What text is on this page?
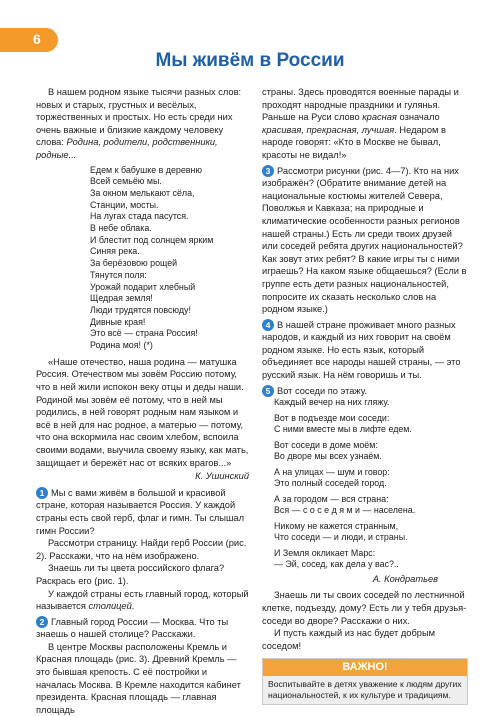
6
Мы живём в России

В нашем родном языке тысячи разных слов: новых и старых, грустных и весёлых, торжественных и простых. Но есть среди них очень важные и близкие каждому человеку слова: Родина, родители, родственники, родные...

Едем к бабушке в деревню
Всей семьёю мы.
За окном мелькают сёла,
Станции, мосты.
На лугах стада пасутся.
В небе облака.
И блестит под солнцем ярким
Синяя река.
За берёзовою рощей
Тянутся поля:
Урожай подарит хлебный
Щедрая земля!
Люди трудятся повсюду!
Дивные края!
Это всё — страна Россия!
Родина моя! (*)

«Наше отечество, наша родина — матушка Россия. Отечеством мы зовём Россию потому, что в ней жили испокон веку отцы и деды наши. Родиной мы зовём её потому, что в ней мы родились, в ней говорят родным нам языком и всё в ней для нас родное, а матерью — потому, что она вскормила нас своим хлебом, вспоила своими водами, выучила своему языку, как мать, защищает и бережёт нас от всяких врагов...»

К. Ушинский

1 Мы с вами живём в большой и красивой стране, которая называется Россия. У каждой страны есть свой герб, флаг и гимн. Ты слышал гимн России?

Рассмотри страницу. Найди герб России (рис. 2). Расскажи, что на нём изображено.

Знаешь ли ты цвета российского флага? Раскрась его (рис. 1).

У каждой страны есть главный город, который называется столицей.

2 Главный город России — Москва. Что ты знаешь о нашей столице? Расскажи.

В центре Москвы расположены Кремль и Красная площадь (рис. 3). Древний Кремль — это бывшая крепость. С её постройки и началась Москва. В Кремле находится кабинет президента. Красная площадь — главная площадь

страны. Здесь проводятся военные парады и проходят народные праздники и гулянья. Раньше на Руси слово красная означало красивая, прекрасная, лучшая. Недаром в народе говорят: «Кто в Москве не бывал, красоты не видал!»

3 Рассмотри рисунки (рис. 4—7). Кто на них изображён? (Обратите внимание детей на национальные костюмы жителей Севера, Поволжья и Кавказа; на природные и климатические особенности разных регионов нашей страны.) Есть ли среди твоих друзей или соседей ребята других национальностей? Как зовут этих ребят? В какие игры ты с ними играешь? На каком языке общаешься? (Если в группе есть дети разных национальностей, попросите их сказать несколько слов на родном языке.)

4 В нашей стране проживает много разных народов, и каждый из них говорит на своём родном языке. Но есть язык, который объединяет все народы нашей страны, — это русский язык. На нём говоришь и ты.

5 Вот соседи по этажу.
Каждый вечер на них гляжу.
Вот в подъезде мои соседи:
С ними вместе мы в лифте едем.
Вот соседи в доме моём:
Во дворе мы всех узнаём.
А на улицах — шум и говор:
Это полный соседей город.
А за городом — вся страна:
Вся — с о с е д я м и — населена.
Никому не кажется странным,
Что соседи — и люди, и страны.
И Земля окликает Марс:
— Эй, сосед, как дела у вас?..
А. Кондратьев

Знаешь ли ты своих соседей по лестничной клетке, подъезду, дому? Есть ли у тебя друзья-соседи во дворе? Расскажи о них.

И пусть каждый из нас будет добрым соседом!

ВАЖНО!
Воспитывайте в детях уважение к людям других национальностей, к их культуре и традициям.
